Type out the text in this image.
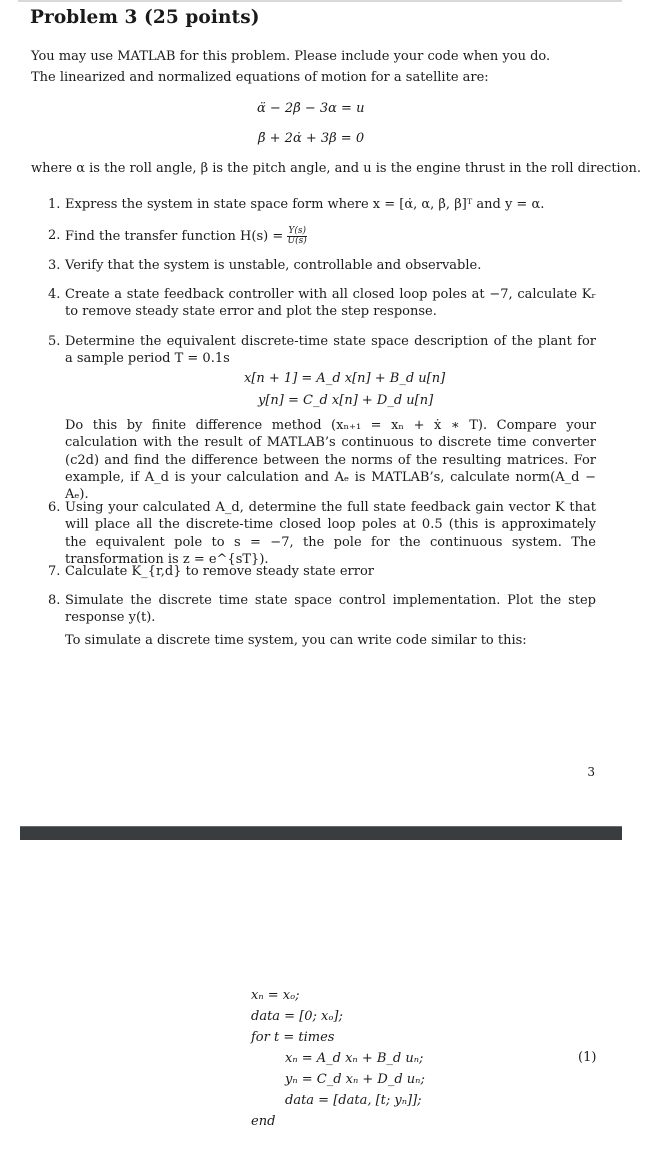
Problem 3 (25 points)
You may use MATLAB for this problem. Please include your code when you do.
The linearized and normalized equations of motion for a satellite are:
α̈ − 2β̇ − 3α = u
β̈ + 2α̇ + 3β = 0
where α is the roll angle, β is the pitch angle, and u is the engine thrust in the roll direction.
1. Express the system in state space form where x = [α̇, α, β̇, β]ᵀ and y = α.
2. Find the transfer function $H(s) = \frac{Y(s)}{U(s)}$
3. Verify that the system is unstable, controllable and observable.
4. Create a state feedback controller with all closed loop poles at −7, calculate Kᵣ to remove steady state error and plot the step response.
5. Determine the equivalent discrete-time state space description of the plant for a sample period T = 0.1s
x[n + 1] = A_d x[n] + B_d u[n]
y[n] = C_d x[n] + D_d u[n]
Do this by finite difference method (xₙ₊₁ = xₙ + ẋ ∗ T). Compare your calculation with the result of MATLAB’s continuous to discrete time converter (c2d) and find the difference between the norms of the resulting matrices. For example, if A_d is your calculation and Aₑ is MATLAB’s, calculate norm(A_d − Aₑ).
6. Using your calculated A_d, determine the full state feedback gain vector K that will place all the discrete-time closed loop poles at 0.5 (this is approximately the equivalent pole to s = −7, the pole for the continuous system. The transformation is z = e^{sT}).
7. Calculate K_{r,d} to remove steady state error
8. Simulate the discrete time state space control implementation. Plot the step response y(t).
To simulate a discrete time system, you can write code similar to this:
3
xₙ = xₒ;
data = [0; xₒ];
for t = times
xₙ = A_d xₙ + B_d uₙ;
yₙ = C_d xₙ + D_d uₙ;
data = [data, [t; yₙ]];
end
(1)
